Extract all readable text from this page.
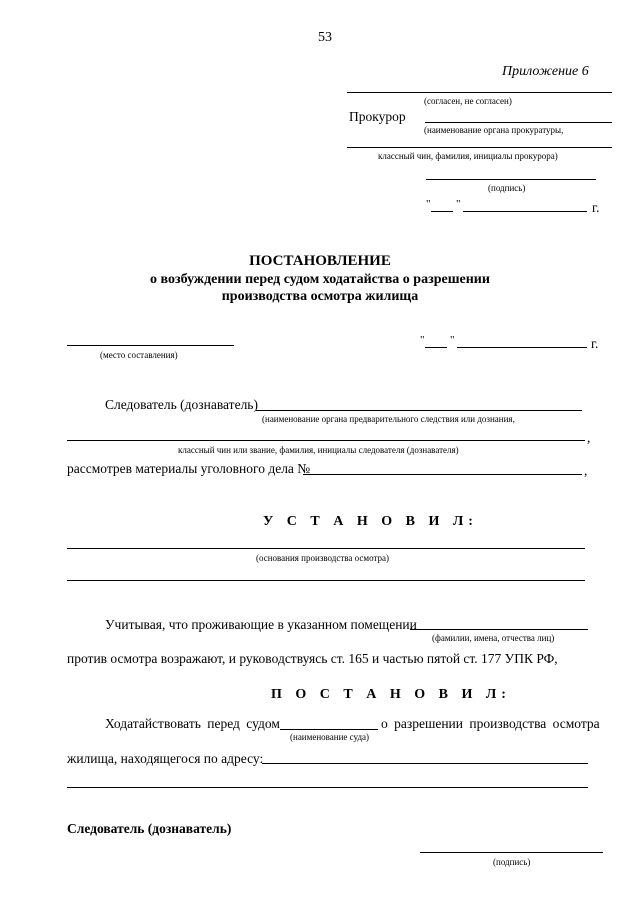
53
Приложение 6
(согласен, не согласен)
Прокурор
(наименование органа прокуратуры,
классный чин, фамилия, инициалы прокурора)
(подпись)
" "	г.
ПОСТАНОВЛЕНИЕ
о возбуждении перед судом ходатайства о разрешении
производства осмотра жилища
(место составления)
" "	г.
Следователь (дознаватель)
(наименование органа предварительного следствия или дознания,
,
классный чин или звание, фамилия, инициалы следователя (дознавателя)
рассмотрев материалы уголовного дела №	,
У С Т А Н О В И Л:
(основания производства осмотра)
Учитывая, что проживающие в указанном помещении
(фамилии, имена, отчества лиц)
против осмотра возражают, и руководствуясь ст. 165 и частью пятой ст. 177 УПК РФ,
П О С Т А Н О В И Л:
Ходатайствовать перед судом	о разрешении производства осмотра
(наименование суда)
жилища, находящегося по адресу:
Следователь (дознаватель)
(подпись)
